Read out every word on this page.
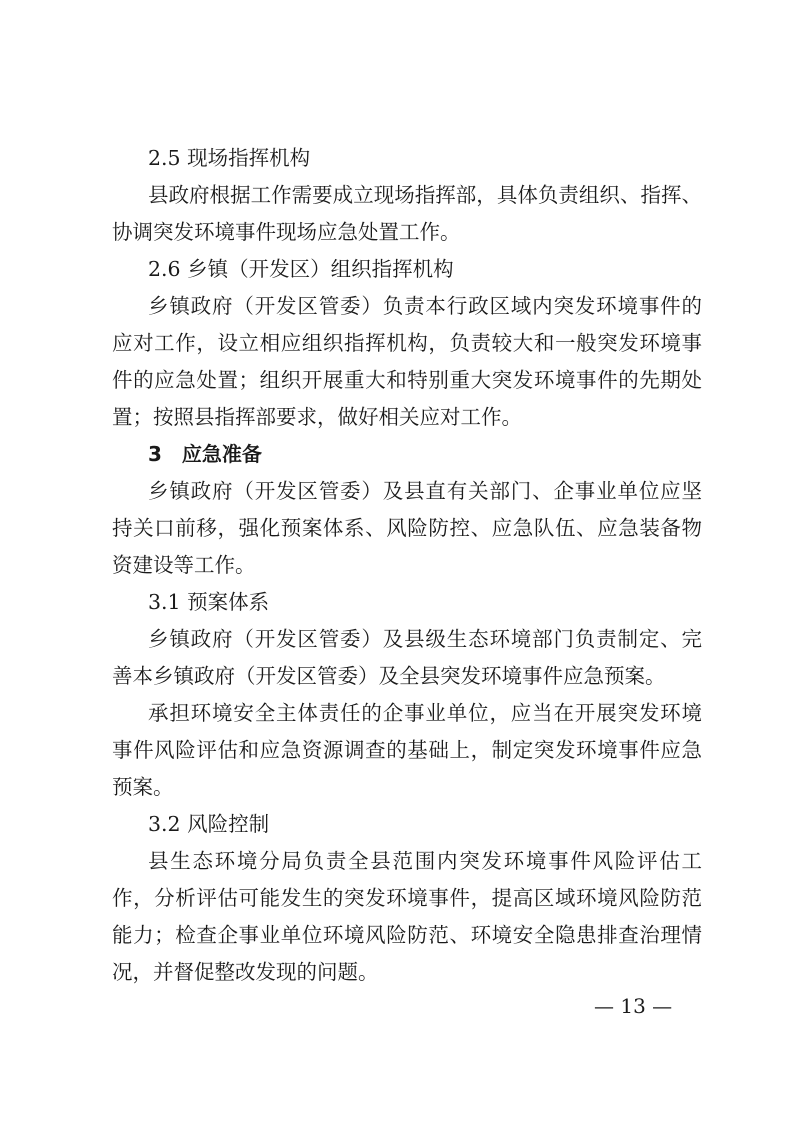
2.5 现场指挥机构
县政府根据工作需要成立现场指挥部，具体负责组织、指挥、
协调突发环境事件现场应急处置工作。
2.6 乡镇（开发区）组织指挥机构
乡镇政府（开发区管委）负责本行政区域内突发环境事件的
应对工作，设立相应组织指挥机构，负责较大和一般突发环境事
件的应急处置；组织开展重大和特别重大突发环境事件的先期处
置；按照县指挥部要求，做好相关应对工作。
3　应急准备
乡镇政府（开发区管委）及县直有关部门、企事业单位应坚
持关口前移，强化预案体系、风险防控、应急队伍、应急装备物
资建设等工作。
3.1 预案体系
乡镇政府（开发区管委）及县级生态环境部门负责制定、完
善本乡镇政府（开发区管委）及全县突发环境事件应急预案。
承担环境安全主体责任的企事业单位，应当在开展突发环境
事件风险评估和应急资源调查的基础上，制定突发环境事件应急
预案。
3.2 风险控制
县生态环境分局负责全县范围内突发环境事件风险评估工
作，分析评估可能发生的突发环境事件，提高区域环境风险防范
能力；检查企事业单位环境风险防范、环境安全隐患排查治理情
况，并督促整改发现的问题。
— 13 —
